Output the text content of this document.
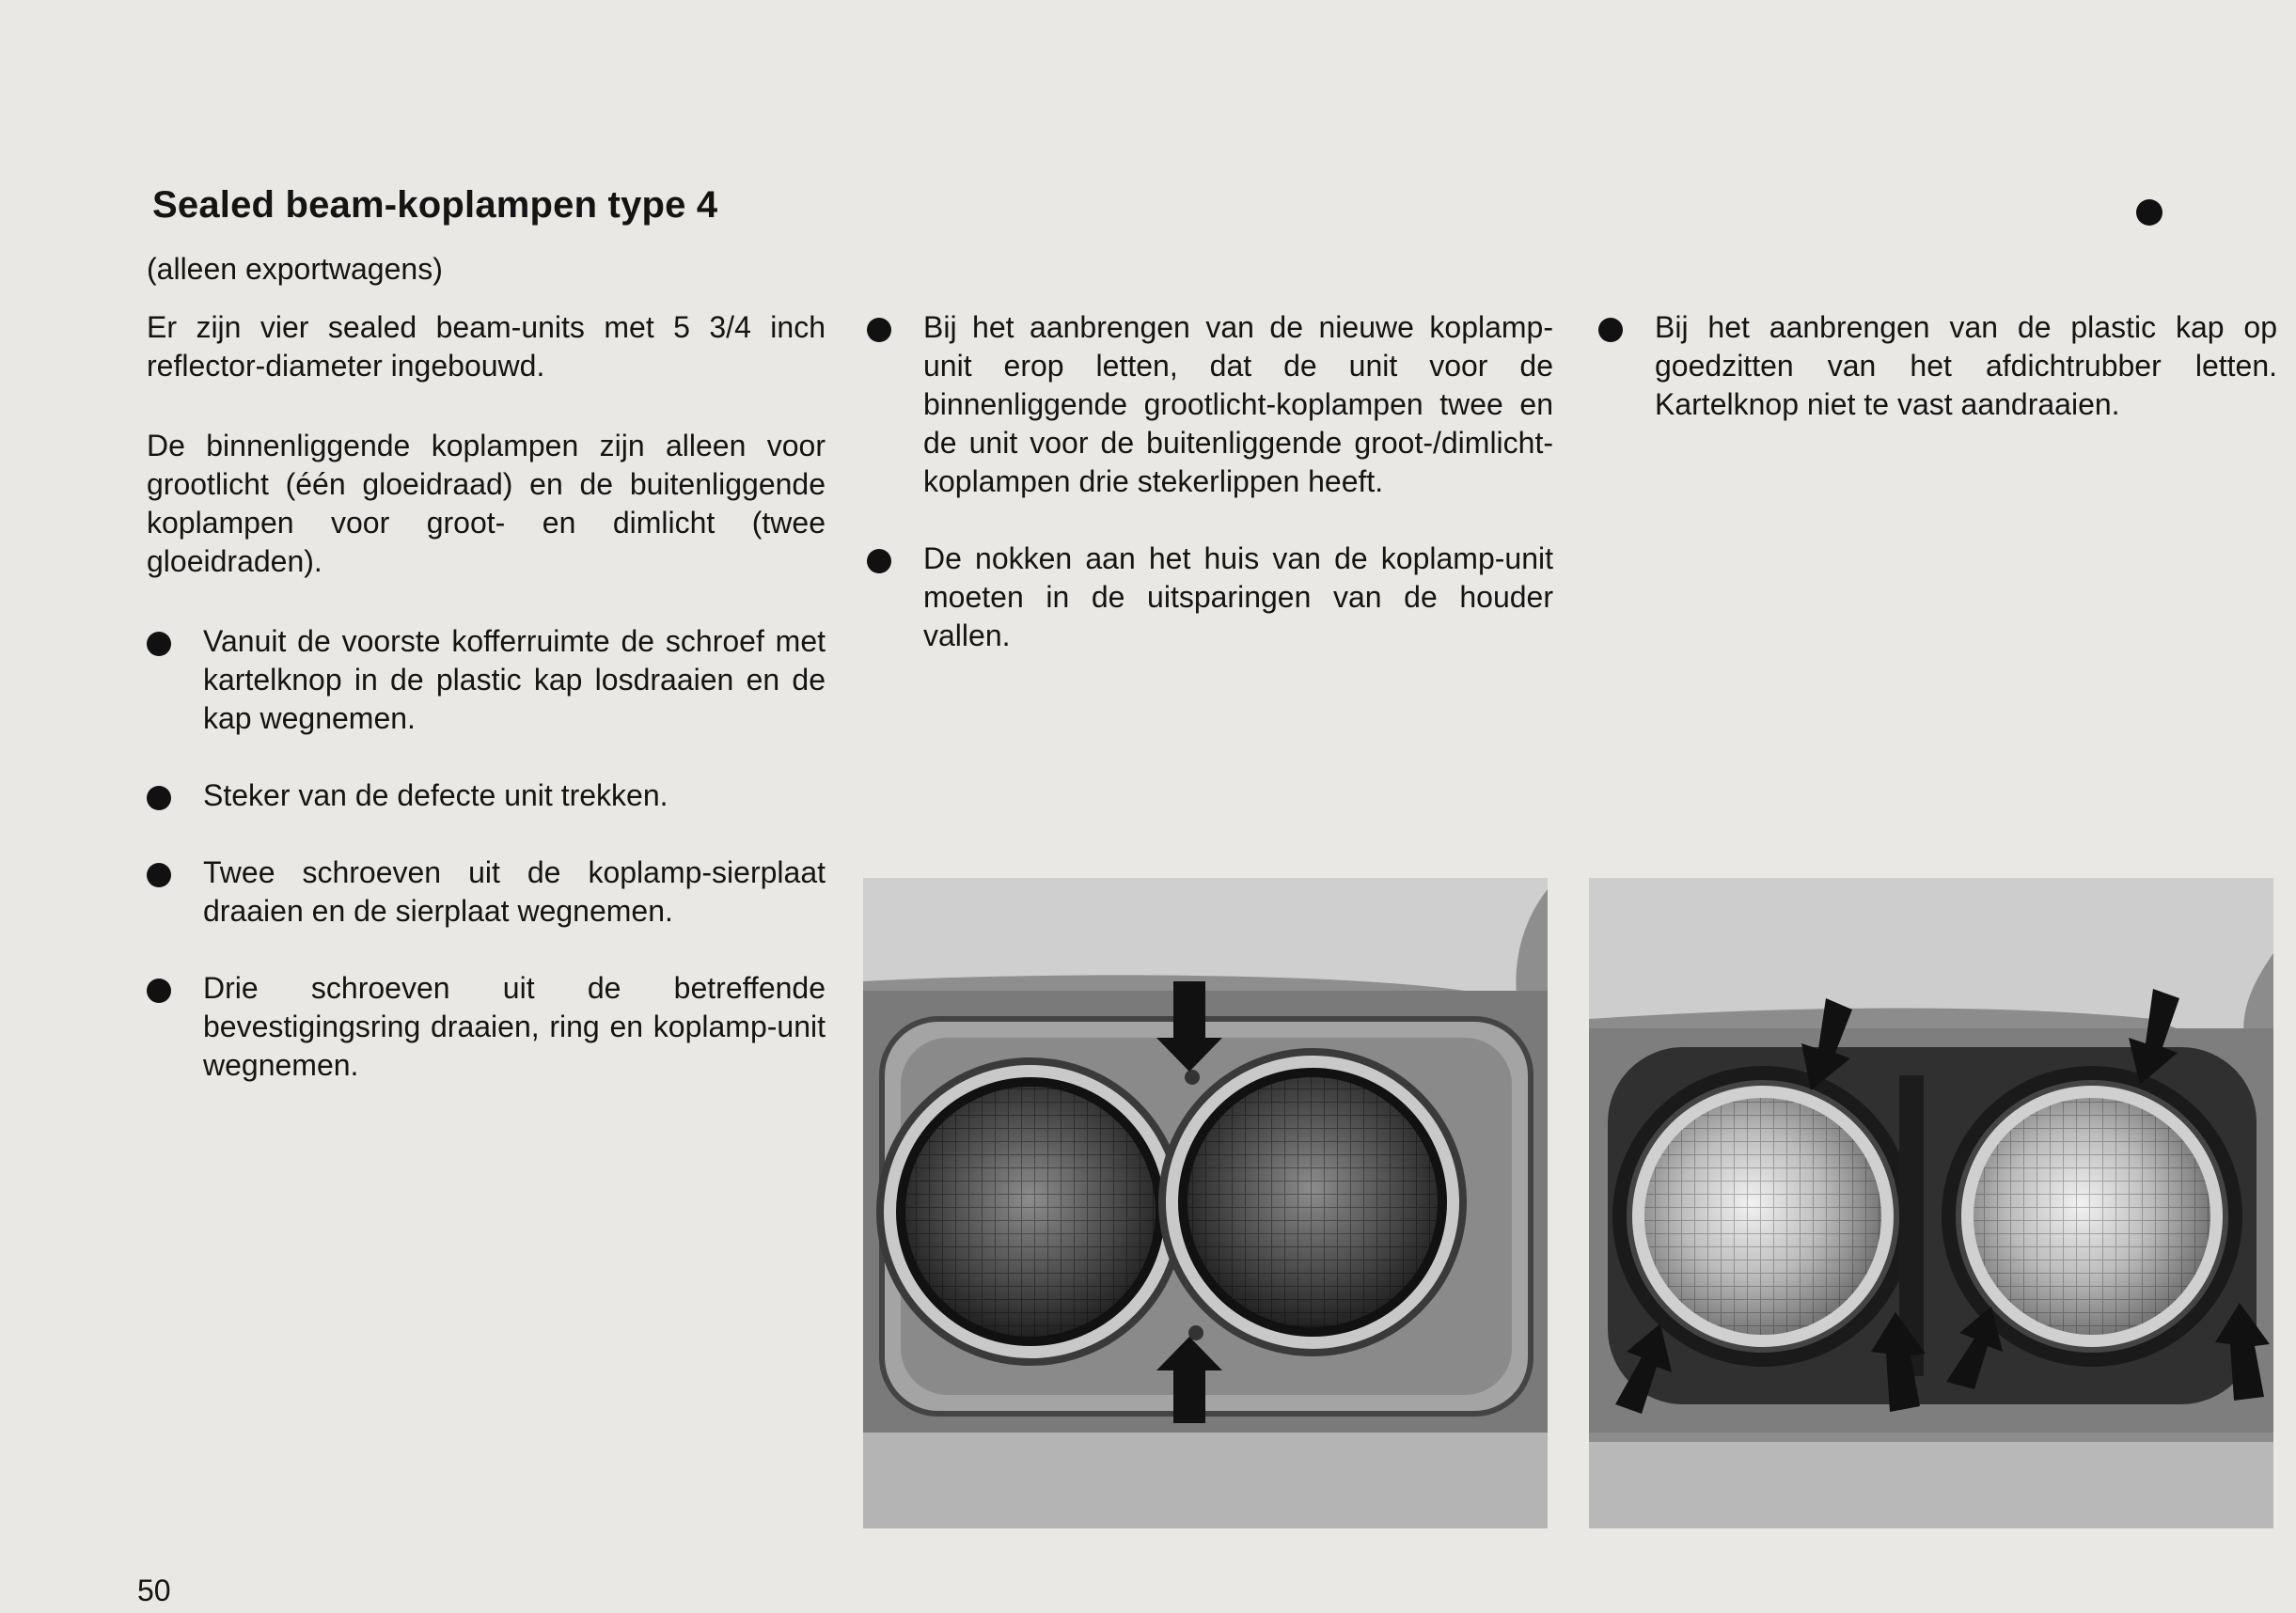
Sealed beam-koplampen type 4
(alleen exportwagens)

Er zijn vier sealed beam-units met 5 3/4 inch reflector-diameter ingebouwd.

De binnenliggende koplampen zijn alleen voor grootlicht (één gloeidraad) en de buitenliggende koplampen voor groot- en dimlicht (twee gloeidraden).

Vanuit de voorste kofferruimte de schroef met kartelknop in de plastic kap losdraaien en de kap wegnemen.
Steker van de defecte unit trekken.
Twee schroeven uit de koplamp-sierplaat draaien en de sierplaat wegnemen.
Drie schroeven uit de betreffende bevestigingsring draaien, ring en koplamp-unit wegnemen.
Bij het aanbrengen van de nieuwe koplamp-unit erop letten, dat de unit voor de binnenliggende grootlicht-koplampen twee en de unit voor de buitenliggende groot-/dimlicht-koplampen drie stekerlippen heeft.
De nokken aan het huis van de koplamp-unit moeten in de uitsparingen van de houder vallen.
Bij het aanbrengen van de plastic kap op goedzitten van het afdichtrubber letten. Kartelknop niet te vast aandraaien.
50
